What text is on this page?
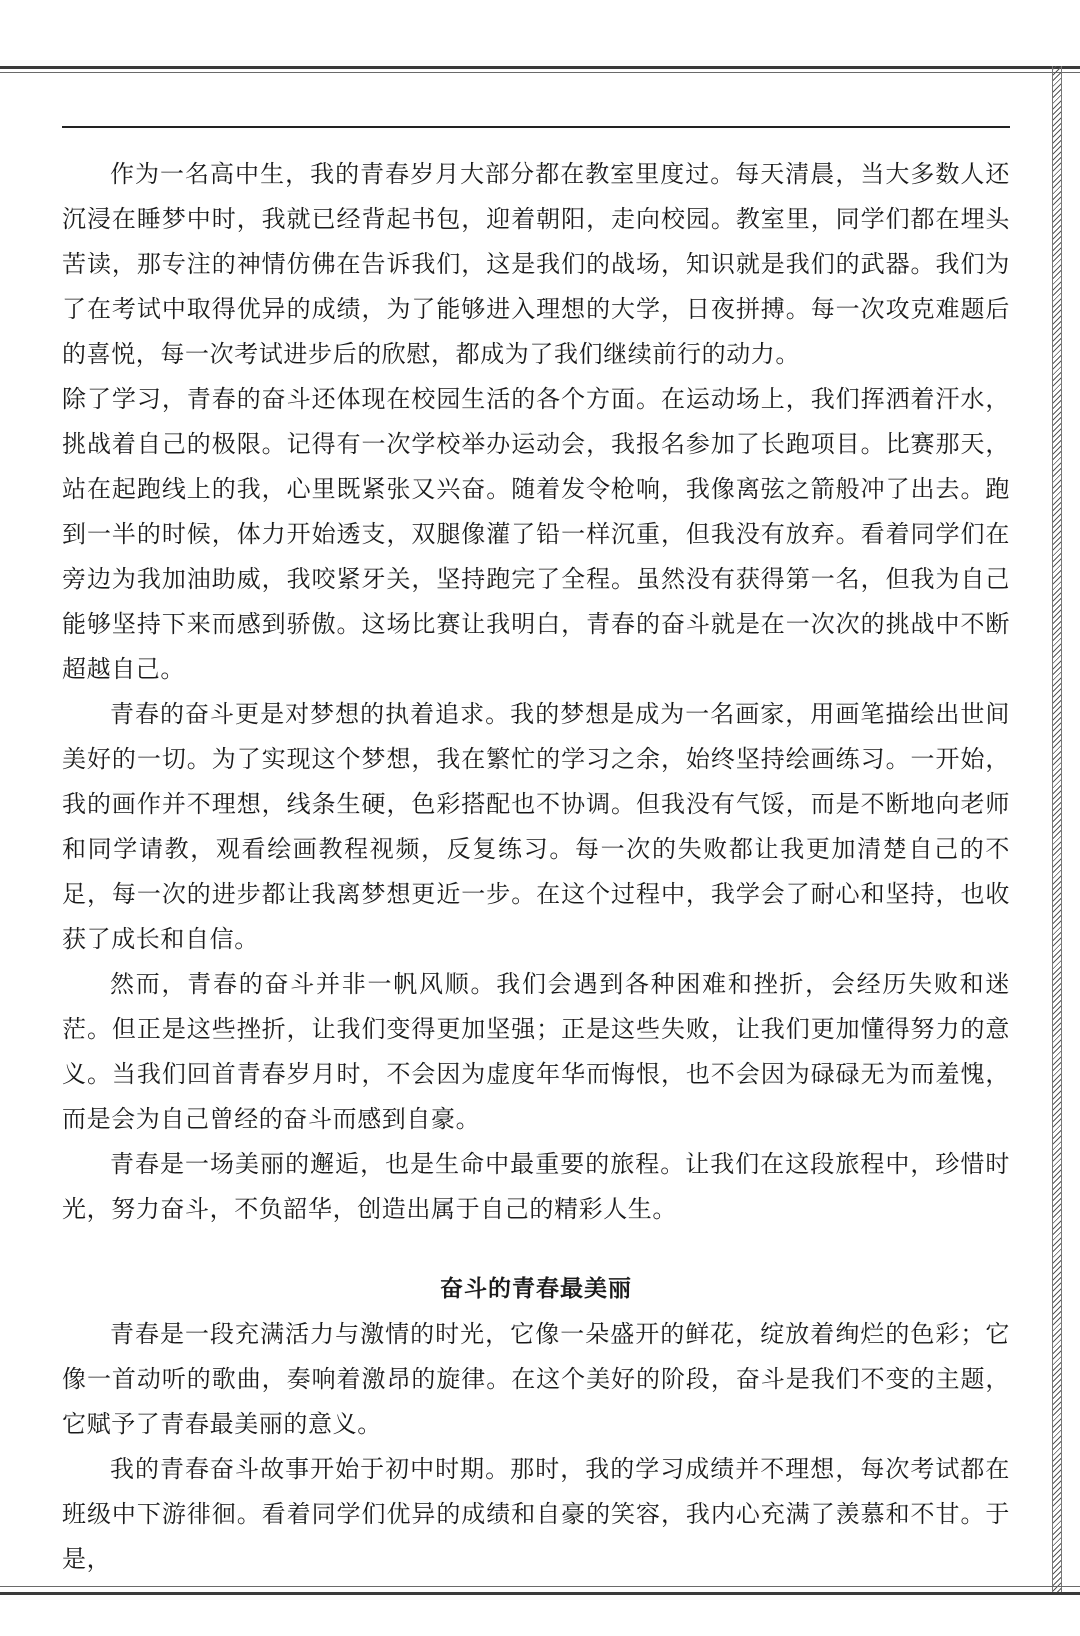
作为一名高中生，我的青春岁月大部分都在教室里度过。每天清晨，当大多数人还沉浸在睡梦中时，我就已经背起书包，迎着朝阳，走向校园。教室里，同学们都在埋头苦读，那专注的神情仿佛在告诉我们，这是我们的战场，知识就是我们的武器。我们为了在考试中取得优异的成绩，为了能够进入理想的大学，日夜拼搏。每一次攻克难题后的喜悦，每一次考试进步后的欣慰，都成为了我们继续前行的动力。

除了学习，青春的奋斗还体现在校园生活的各个方面。在运动场上，我们挥洒着汗水，挑战着自己的极限。记得有一次学校举办运动会，我报名参加了长跑项目。比赛那天，站在起跑线上的我，心里既紧张又兴奋。随着发令枪响，我像离弦之箭般冲了出去。跑到一半的时候，体力开始透支，双腿像灌了铅一样沉重，但我没有放弃。看着同学们在旁边为我加油助威，我咬紧牙关，坚持跑完了全程。虽然没有获得第一名，但我为自己能够坚持下来而感到骄傲。这场比赛让我明白，青春的奋斗就是在一次次的挑战中不断超越自己。

青春的奋斗更是对梦想的执着追求。我的梦想是成为一名画家，用画笔描绘出世间美好的一切。为了实现这个梦想，我在繁忙的学习之余，始终坚持绘画练习。一开始，我的画作并不理想，线条生硬，色彩搭配也不协调。但我没有气馁，而是不断地向老师和同学请教，观看绘画教程视频，反复练习。每一次的失败都让我更加清楚自己的不足，每一次的进步都让我离梦想更近一步。在这个过程中，我学会了耐心和坚持，也收获了成长和自信。

然而，青春的奋斗并非一帆风顺。我们会遇到各种困难和挫折，会经历失败和迷茫。但正是这些挫折，让我们变得更加坚强；正是这些失败，让我们更加懂得努力的意义。当我们回首青春岁月时，不会因为虚度年华而悔恨，也不会因为碌碌无为而羞愧，而是会为自己曾经的奋斗而感到自豪。

青春是一场美丽的邂逅，也是生命中最重要的旅程。让我们在这段旅程中，珍惜时光，努力奋斗，不负韶华，创造出属于自己的精彩人生。

奋斗的青春最美丽

青春是一段充满活力与激情的时光，它像一朵盛开的鲜花，绽放着绚烂的色彩；它像一首动听的歌曲，奏响着激昂的旋律。在这个美好的阶段，奋斗是我们不变的主题，它赋予了青春最美丽的意义。

我的青春奋斗故事开始于初中时期。那时，我的学习成绩并不理想，每次考试都在班级中下游徘徊。看着同学们优异的成绩和自豪的笑容，我内心充满了羡慕和不甘。于是，
